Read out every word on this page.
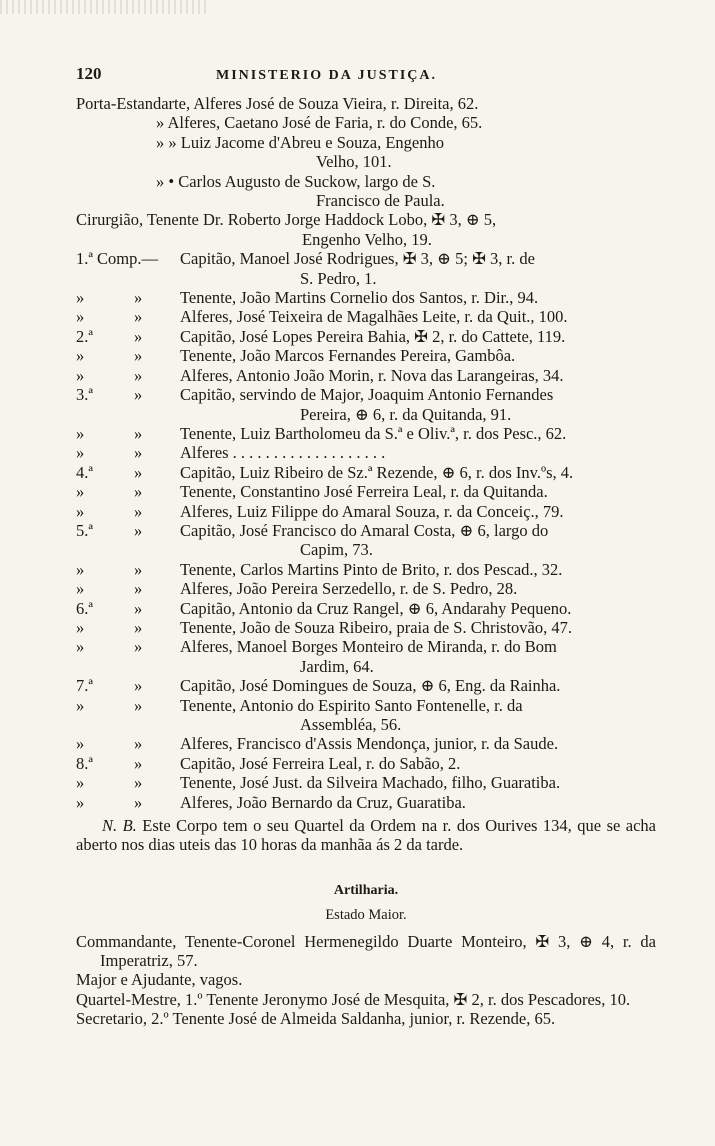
120	MINISTERIO DA JUSTIÇA.
Porta-Estandarte, Alferes José de Souza Vieira, r. Direita, 62.
» Alferes, Caetano José de Faria, r. do Conde, 65.
» » Luiz Jacome d'Abreu e Souza, Engenho
Velho, 101.
» • Carlos Augusto de Suckow, largo de S.
Francisco de Paula.
Cirurgião, Tenente Dr. Roberto Jorge Haddock Lobo, ✠ 3, ⊕ 5,
Engenho Velho, 19.
1.ª Comp.— Capitão, Manoel José Rodrigues, ✠ 3, ⊕ 5; ✠ 3, r. de
S. Pedro, 1.
»	»	Tenente, João Martins Cornelio dos Santos, r. Dir., 94.
»	»	Alferes, José Teixeira de Magalhães Leite, r. da Quit., 100.
2.ª	»	Capitão, José Lopes Pereira Bahia, ✠ 2, r. do Cattete, 119.
»	»	Tenente, João Marcos Fernandes Pereira, Gambôa.
»	»	Alferes, Antonio João Morin, r. Nova das Larangeiras, 34.
3.ª	»	Capitão, servindo de Major, Joaquim Antonio Fernandes
Pereira, ⊕ 6, r. da Quitanda, 91.
»	»	Tenente, Luiz Bartholomeu da S.ª e Oliv.ª, r. dos Pesc., 62.
»	»	Alferes . . . . . . . . . . . . . . . . . . .
4.ª	»	Capitão, Luiz Ribeiro de Sz.ª Rezende, ⊕ 6, r. dos Inv.ºs, 4.
»	»	Tenente, Constantino José Ferreira Leal, r. da Quitanda.
»	»	Alferes, Luiz Filippe do Amaral Souza, r. da Conceiç., 79.
5.ª	»	Capitão, José Francisco do Amaral Costa, ⊕ 6, largo do
Capim, 73.
»	»	Tenente, Carlos Martins Pinto de Brito, r. dos Pescad., 32.
»	»	Alferes, João Pereira Serzedello, r. de S. Pedro, 28.
6.ª	»	Capitão, Antonio da Cruz Rangel, ⊕ 6, Andarahy Pequeno.
»	»	Tenente, João de Souza Ribeiro, praia de S. Christovão, 47.
»	»	Alferes, Manoel Borges Monteiro de Miranda, r. do Bom
Jardim, 64.
7.ª	»	Capitão, José Domingues de Souza, ⊕ 6, Eng. da Rainha.
»	»	Tenente, Antonio do Espirito Santo Fontenelle, r. da
Assembléa, 56.
»	»	Alferes, Francisco d'Assis Mendonça, junior, r. da Saude.
8.ª	»	Capitão, José Ferreira Leal, r. do Sabão, 2.
»	»	Tenente, José Just. da Silveira Machado, filho, Guaratiba.
»	»	Alferes, João Bernardo da Cruz, Guaratiba.
N. B. Este Corpo tem o seu Quartel da Ordem na r. dos Ourives 134, que se acha aberto nos dias uteis das 10 horas da manhãa ás 2 da tarde.
Artilharia.
Estado Maior.
Commandante, Tenente-Coronel Hermenegildo Duarte Monteiro, ✠ 3, ⊕ 4, r. da Imperatriz, 57.
Major e Ajudante, vagos.
Quartel-Mestre, 1.º Tenente Jeronymo José de Mesquita, ✠ 2, r. dos Pescadores, 10.
Secretario, 2.º Tenente José de Almeida Saldanha, junior, r. Rezende, 65.
